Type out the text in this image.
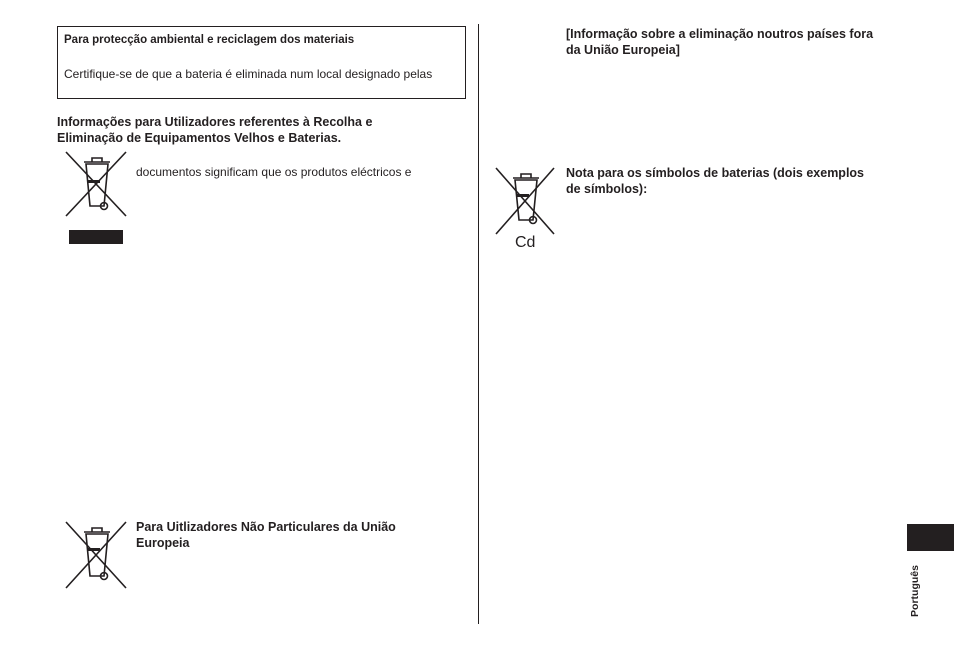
Para protecção ambiental e reciclagem dos materiais
Certifique-se de que a bateria é eliminada num local designado pelas
Informações para Utilizadores referentes à Recolha e
Eliminação de Equipamentos Velhos e Baterias.
documentos significam que os produtos eléctricos e
Para Uitlizadores Não Particulares da União
Europeia
[Informação sobre a eliminação noutros países fora
da União Europeia]
Cd
Nota para os símbolos de baterias (dois exemplos
de símbolos):
Português
